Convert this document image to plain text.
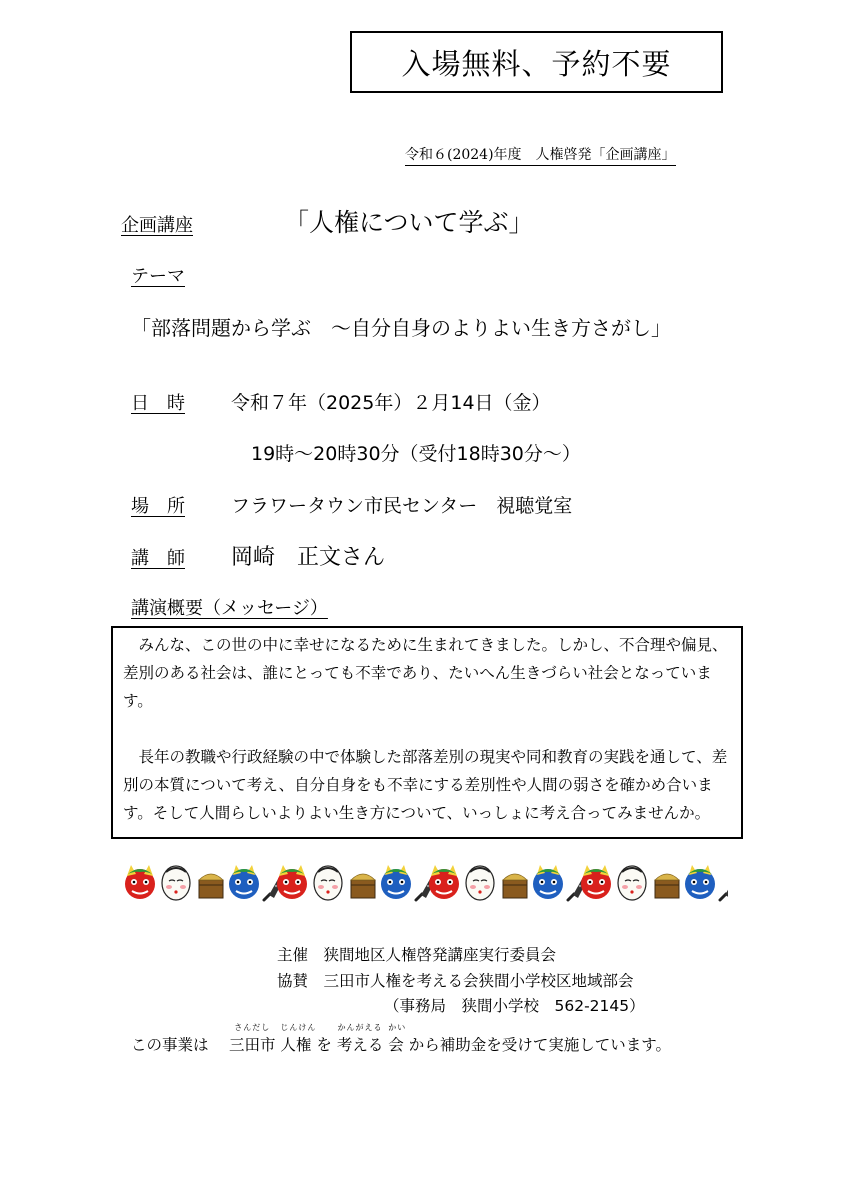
入場無料、予約不要
令和６(2024)年度　人権啓発「企画講座」
企画講座	「人権について学ぶ」
テーマ
「部落問題から学ぶ　～自分自身のよりよい生き方さがし」
日　時 令和７年（2025年）２月14日（金）
19時～20時30分（受付18時30分～）
場　所 フラワータウン市民センター　視聴覚室
講　師 岡崎　正文さん
講演概要（メッセージ）

みんな、この世の中に幸せになるために生まれてきました。しかし、不合理や偏見、差別のある社会は、誰にとっても不幸であり、たいへん生きづらい社会となっています。

長年の教職や行政経験の中で体験した部落差別の現実や同和教育の実践を通して、差別の本質について考え、自分自身をも不幸にする差別性や人間の弱さを確かめ合います。そして人間らしいよりよい生き方について、いっしょに考え合ってみませんか。

主催　狭間地区人権啓発講座実行委員会
協賛　三田市人権を考える会狭間小学校区地域部会
（事務局　狭間小学校　562-2145）
この事業は　
さんだし
三田市
じんけん
人権 を
かんがえる
考える
かい
会 から補助金を受けて実施しています。
